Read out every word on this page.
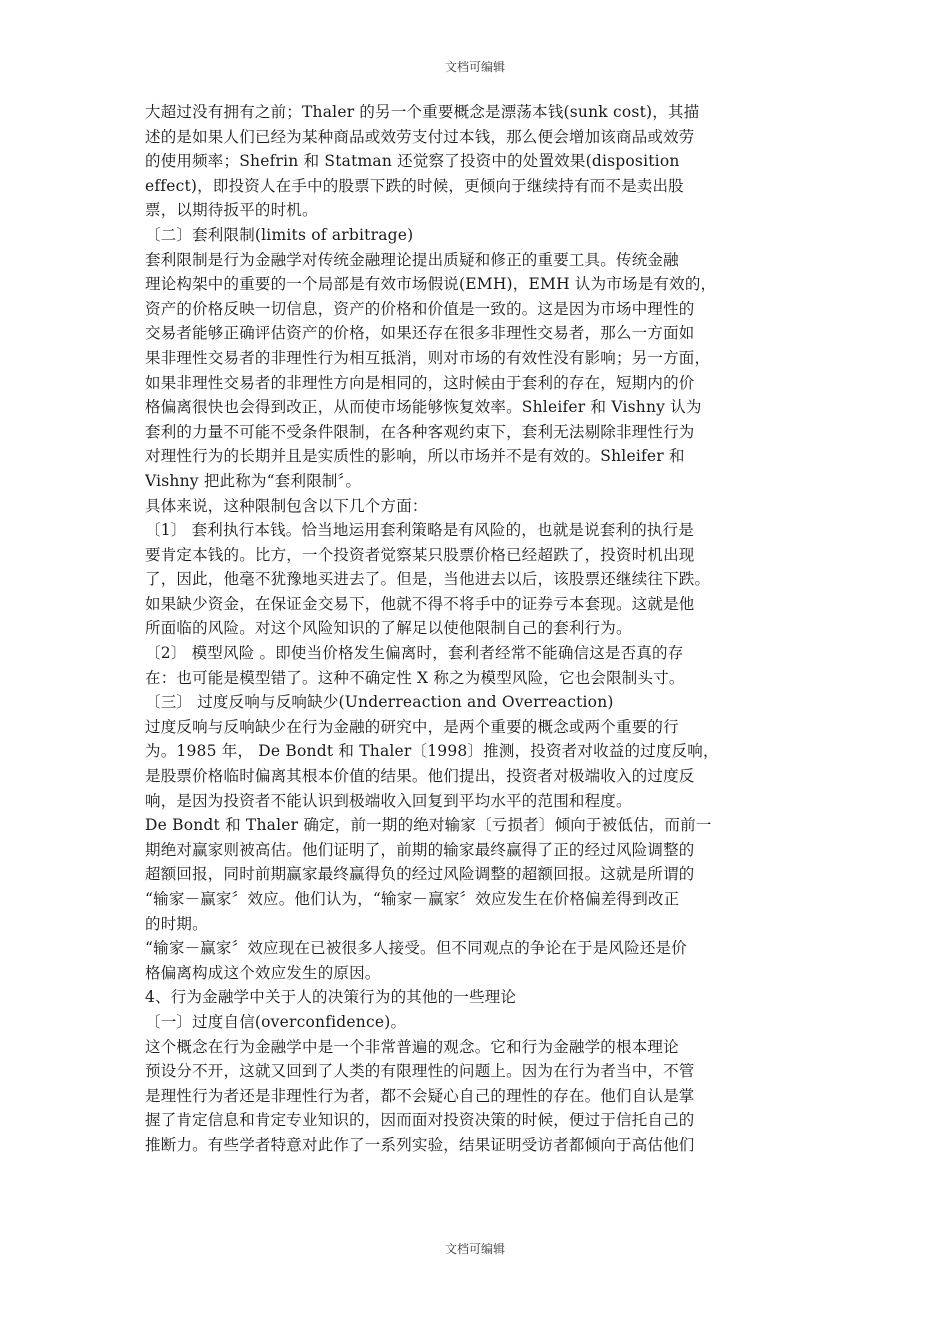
文档可编辑
大超过没有拥有之前；Thaler 的另一个重要概念是漂荡本钱(sunk cost)，其描
述的是如果人们已经为某种商品或效劳支付过本钱，那么便会增加该商品或效劳
的使用频率；Shefrin 和 Statman 还觉察了投资中的处置效果(disposition
effect)，即投资人在手中的股票下跌的时候，更倾向于继续持有而不是卖出股
票，以期待扳平的时机。
〔二〕套利限制(limits of arbitrage)
套利限制是行为金融学对传统金融理论提出质疑和修正的重要工具。传统金融
理论构架中的重要的一个局部是有效市场假说(EMH)，EMH 认为市场是有效的，
资产的价格反映一切信息，资产的价格和价值是一致的。这是因为市场中理性的
交易者能够正确评估资产的价格，如果还存在很多非理性交易者，那么一方面如
果非理性交易者的非理性行为相互抵消，则对市场的有效性没有影响；另一方面，
如果非理性交易者的非理性方向是相同的，这时候由于套利的存在，短期内的价
格偏离很快也会得到改正，从而使市场能够恢复效率。Shleifer 和 Vishny 认为
套利的力量不可能不受条件限制，在各种客观约束下，套利无法剔除非理性行为
对理性行为的长期并且是实质性的影响，所以市场并不是有效的。Shleifer 和
Vishny 把此称为“套利限制〞。
具体来说，这种限制包含以下几个方面：
〔1〕 套利执行本钱。恰当地运用套利策略是有风险的，也就是说套利的执行是
要肯定本钱的。比方，一个投资者觉察某只股票价格已经超跌了，投资时机出现
了，因此，他毫不犹豫地买进去了。但是，当他进去以后，该股票还继续往下跌。
如果缺少资金，在保证金交易下，他就不得不将手中的证券亏本套现。这就是他
所面临的风险。对这个风险知识的了解足以使他限制自己的套利行为。
〔2〕 模型风险 。即使当价格发生偏离时，套利者经常不能确信这是否真的存
在：也可能是模型错了。这种不确定性 X 称之为模型风险，它也会限制头寸。
〔三〕 过度反响与反响缺少(Underreaction and Overreaction)
过度反响与反响缺少在行为金融的研究中，是两个重要的概念或两个重要的行
为。1985 年， De Bondt 和 Thaler〔1998〕推测，投资者对收益的过度反响，
是股票价格临时偏离其根本价值的结果。他们提出，投资者对极端收入的过度反
响，是因为投资者不能认识到极端收入回复到平均水平的范围和程度。
De Bondt 和 Thaler 确定，前一期的绝对输家〔亏损者〕倾向于被低估，而前一
期绝对赢家则被高估。他们证明了，前期的输家最终赢得了正的经过风险调整的
超额回报，同时前期赢家最终赢得负的经过风险调整的超额回报。这就是所谓的
“输家－赢家〞效应。他们认为，“输家－赢家〞效应发生在价格偏差得到改正
的时期。
“输家－赢家〞效应现在已被很多人接受。但不同观点的争论在于是风险还是价
格偏离构成这个效应发生的原因。
4、行为金融学中关于人的决策行为的其他的一些理论
〔一〕过度自信(overconfidence)。
这个概念在行为金融学中是一个非常普遍的观念。它和行为金融学的根本理论
预设分不开，这就又回到了人类的有限理性的问题上。因为在行为者当中，不管
是理性行为者还是非理性行为者，都不会疑心自己的理性的存在。他们自认是掌
握了肯定信息和肯定专业知识的，因而面对投资决策的时候，便过于信托自己的
推断力。有些学者特意对此作了一系列实验，结果证明受访者都倾向于高估他们
文档可编辑
